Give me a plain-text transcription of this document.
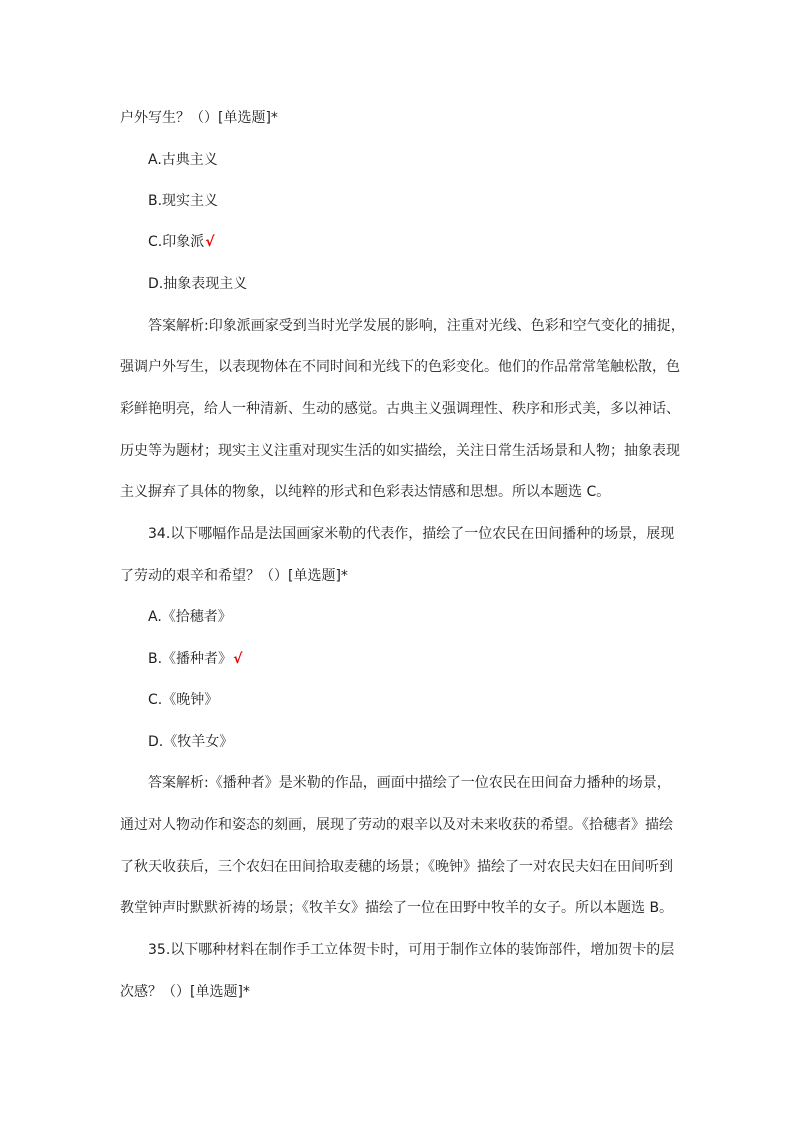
户外写生？（）[单选题]*
A.古典主义
B.现实主义
C.印象派√
D.抽象表现主义
答案解析:印象派画家受到当时光学发展的影响，注重对光线、色彩和空气变化的捕捉，
强调户外写生，以表现物体在不同时间和光线下的色彩变化。他们的作品常常笔触松散，色
彩鲜艳明亮，给人一种清新、生动的感觉。古典主义强调理性、秩序和形式美，多以神话、
历史等为题材；现实主义注重对现实生活的如实描绘，关注日常生活场景和人物；抽象表现
主义摒弃了具体的物象，以纯粹的形式和色彩表达情感和思想。所以本题选 C。
34.以下哪幅作品是法国画家米勒的代表作，描绘了一位农民在田间播种的场景，展现
了劳动的艰辛和希望？（）[单选题]*
A.《拾穗者》
B.《播种者》√
C.《晚钟》
D.《牧羊女》
答案解析:《播种者》是米勒的作品，画面中描绘了一位农民在田间奋力播种的场景，
通过对人物动作和姿态的刻画，展现了劳动的艰辛以及对未来收获的希望。《拾穗者》描绘
了秋天收获后，三个农妇在田间拾取麦穗的场景；《晚钟》描绘了一对农民夫妇在田间听到
教堂钟声时默默祈祷的场景；《牧羊女》描绘了一位在田野中牧羊的女子。所以本题选 B。
35.以下哪种材料在制作手工立体贺卡时，可用于制作立体的装饰部件，增加贺卡的层
次感？（）[单选题]*
